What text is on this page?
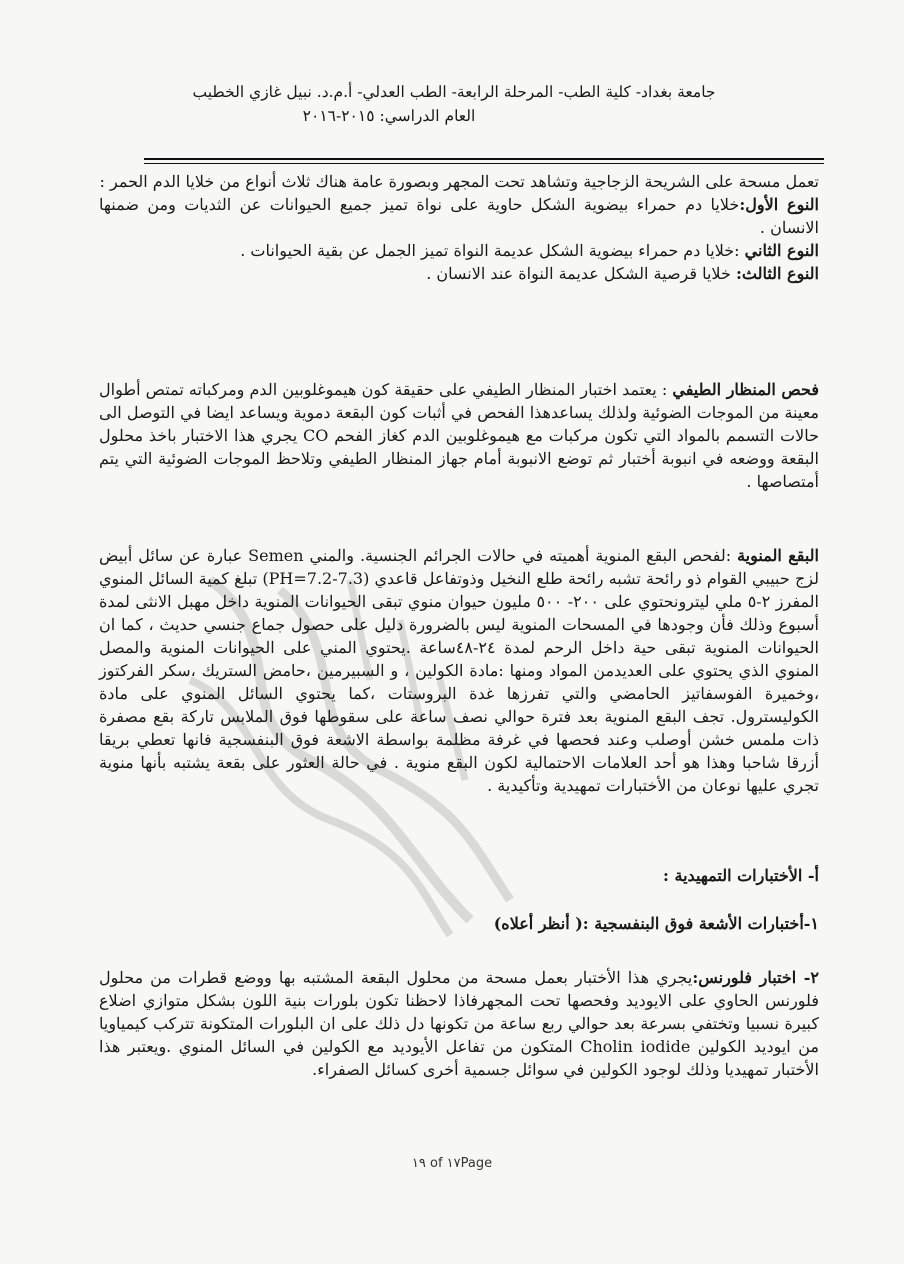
جامعة بغداد- كلية الطب- المرحلة الرابعة- الطب العدلي- أ.م.د. نبيل غازي الخطيب
العام الدراسي: ٢٠١٥-٢٠١٦

تعمل مسحة على الشريحة الزجاجية وتشاهد تحت المجهر وبصورة عامة هناك ثلاث أنواع من خلايا الدم الحمر :

النوع الأول:خلايا دم حمراء بيضوية الشكل حاوية على نواة تميز جميع الحيوانات عن الثديات ومن ضمنها الانسان .

النوع الثاني :خلايا دم حمراء بيضوية الشكل عديمة النواة تميز الجمل عن بقية الحيوانات .

النوع الثالث: خلايا قرصية الشكل عديمة النواة عند الانسان .

فحص المنظار الطيفي : يعتمد اختبار المنظار الطيفي على حقيقة كون هيموغلوبين الدم ومركباته تمتص أطوال معينة من الموجات الضوئية ولذلك يساعدهذا الفحص في أثبات كون البقعة دموية ويساعد ايضا في التوصل الى حالات التسمم بالمواد التي تكون مركبات مع هيموغلوبين الدم كغاز الفحم CO يجري هذا الاختبار باخذ محلول البقعة ووضعه في انبوبة أختبار ثم توضع الانبوبة أمام جهاز المنظار الطيفي وتلاحظ الموجات الضوئية التي يتم أمتصاصها .

البقع المنوية :لفحص البقع المنوية أهميته في حالات الجرائم الجنسية. والمني Semen عبارة عن سائل أبيض لزج حبيبي القوام ذو رائحة تشبه رائحة طلع النخيل وذوتفاعل قاعدي (PH=7.2-7.3) تبلغ كمية السائل المنوي المفرز ٢-٥ ملي ليترونحتوي على ٢٠٠- ٥٠٠ مليون حيوان منوي تبقى الحيوانات المنوية داخل مهبل الانثى لمدة أسبوع وذلك فأن وجودها في المسحات المنوية ليس بالضرورة دليل على حصول جماع جنسي حديث ، كما ان الحيوانات المنوية تبقى حية داخل الرحم لمدة ٢٤-٤٨ساعة .يحتوي المني على الحيوانات المنوية والمصل المنوي الذي يحتوي على العديدمن المواد ومنها :مادة الكولين ، و السبيرمين ،حامض الستريك ،سكر الفركتوز ،وخميرة الفوسفاتيز الحامضي والتي تفرزها غدة البروستات ،كما يحتوي السائل المنوي على مادة الكوليسترول. تجف البقع المنوية بعد فترة حوالي نصف ساعة على سقوطها فوق الملابس تاركة بقع مصفرة ذات ملمس خشن أوصلب وعند فحصها في غرفة مظلمة بواسطة الاشعة فوق البنفسجية فانها تعطي بريقا أزرقا شاحبا وهذا هو أحد العلامات الاحتمالية لكون البقع منوية . في حالة العثور على بقعة يشتبه بأنها منوية تجري عليها نوعان من الأختبارات تمهيدية وتأكيدية .

أ- الأختبارات التمهيدية :

١-أختبارات الأشعة فوق البنفسجية :( أنظر أعلاه)

٢- اختبار فلورنس:يجري هذا الأختبار بعمل مسحة من محلول البقعة المشتبه بها ووضع قطرات من محلول فلورنس الحاوي على الايوديد وفحصها تحت المجهرفاذا لاحظنا تكون بلورات بنية اللون بشكل متوازي اضلاع كبيرة نسبيا وتختفي بسرعة بعد حوالي ربع ساعة من تكونها دل ذلك على ان البلورات المتكونة تتركب كيمياويا من ايوديد الكولين Cholin iodide المتكون من تفاعل الأيوديد مع الكولين في السائل المنوي .ويعتبر هذا الأختبار تمهيديا وذلك لوجود الكولين في سوائل جسمية أخرى كسائل الصفراء.

١٩ of ١٧Page
